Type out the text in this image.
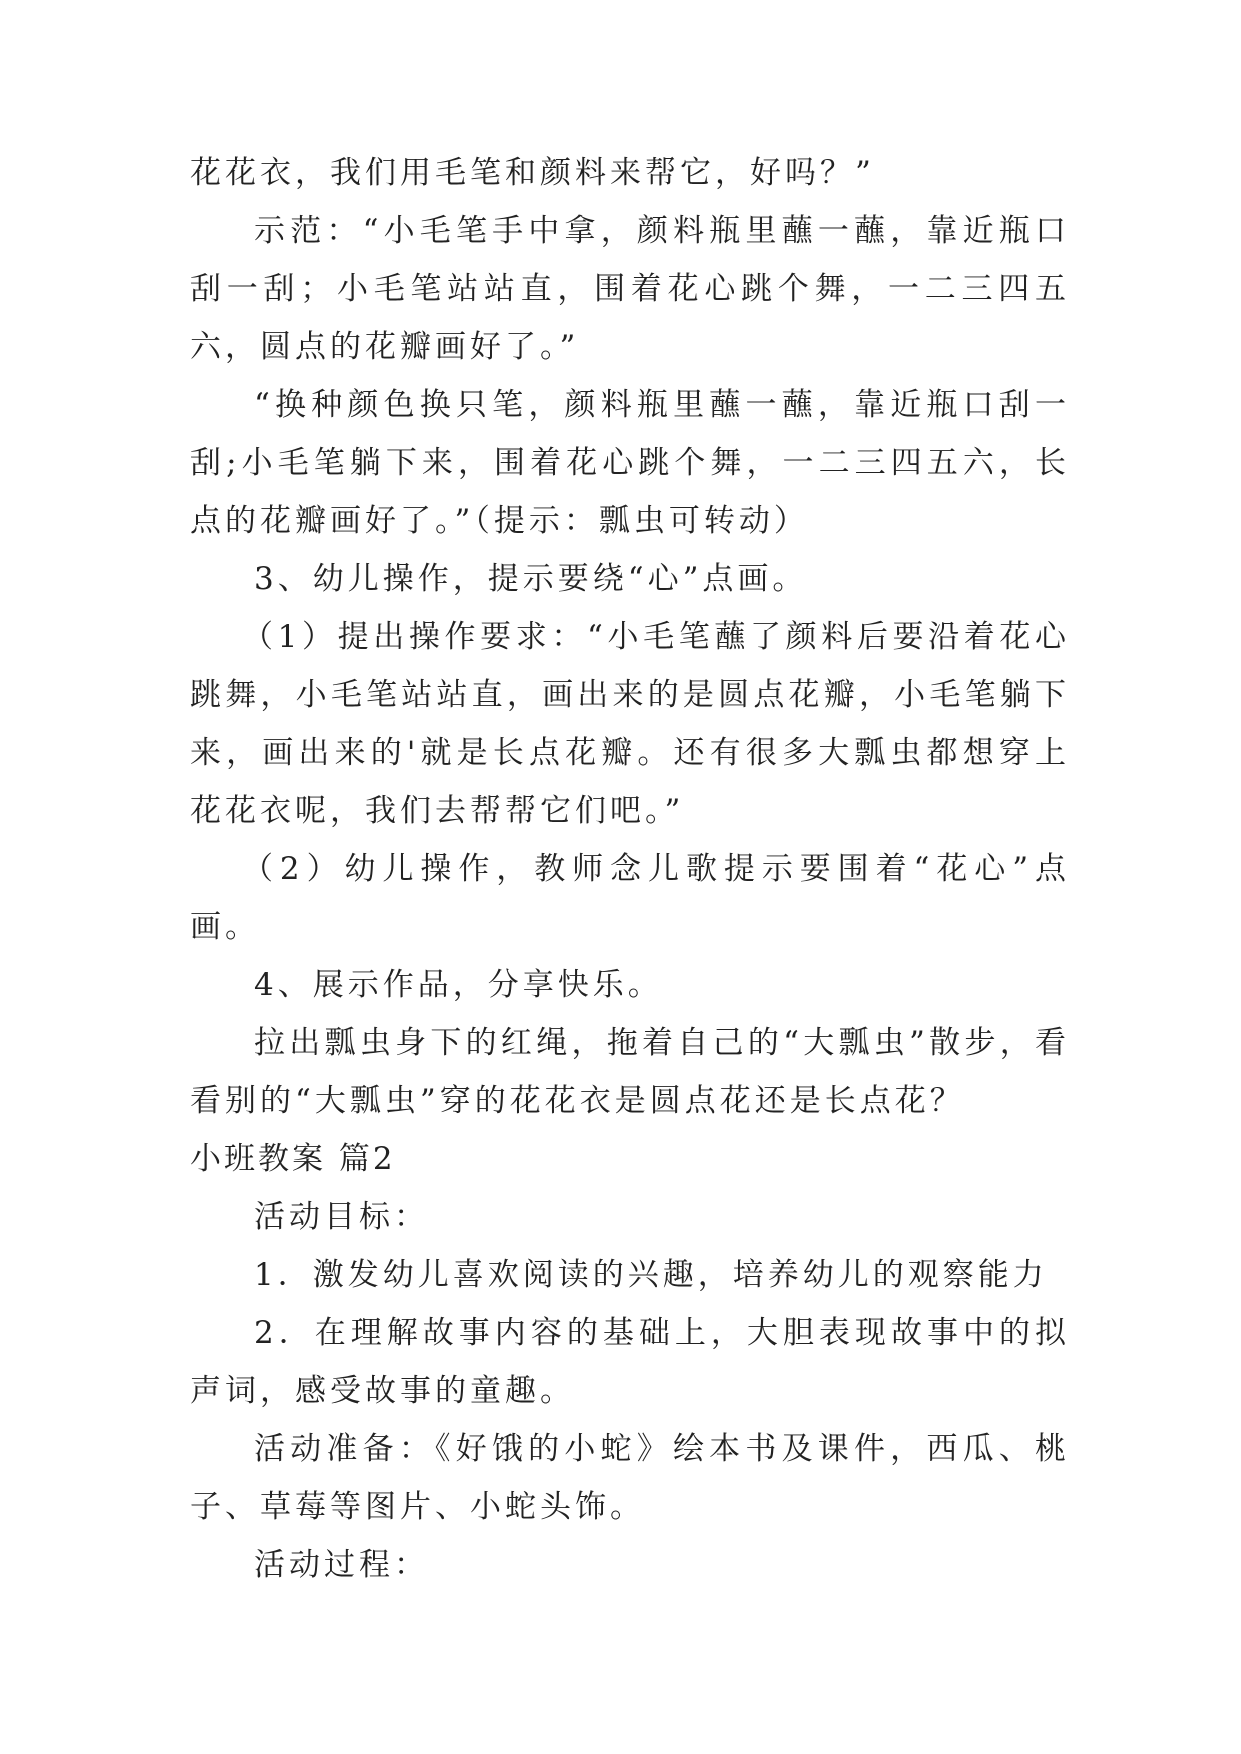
花花衣，我们用毛笔和颜料来帮它，好吗？”

示范：“小毛笔手中拿，颜料瓶里蘸一蘸，靠近瓶口刮一刮；小毛笔站站直，围着花心跳个舞，一二三四五六，圆点的花瓣画好了。”

“换种颜色换只笔，颜料瓶里蘸一蘸，靠近瓶口刮一刮;小毛笔躺下来，围着花心跳个舞，一二三四五六，长点的花瓣画好了。”（提示：瓢虫可转动）

3、幼儿操作，提示要绕“心”点画。

（1）提出操作要求：“小毛笔蘸了颜料后要沿着花心跳舞，小毛笔站站直，画出来的是圆点花瓣，小毛笔躺下来，画出来的'就是长点花瓣。还有很多大瓢虫都想穿上花花衣呢，我们去帮帮它们吧。”

（2）幼儿操作，教师念儿歌提示要围着“花心”点画。

4、展示作品，分享快乐。

拉出瓢虫身下的红绳，拖着自己的“大瓢虫”散步，看看别的“大瓢虫”穿的花花衣是圆点花还是长点花？

小班教案 篇2

活动目标：

1．激发幼儿喜欢阅读的兴趣，培养幼儿的观察能力

2．在理解故事内容的基础上，大胆表现故事中的拟声词，感受故事的童趣。

活动准备：《好饿的小蛇》绘本书及课件，西瓜、桃子、草莓等图片、小蛇头饰。

活动过程：
